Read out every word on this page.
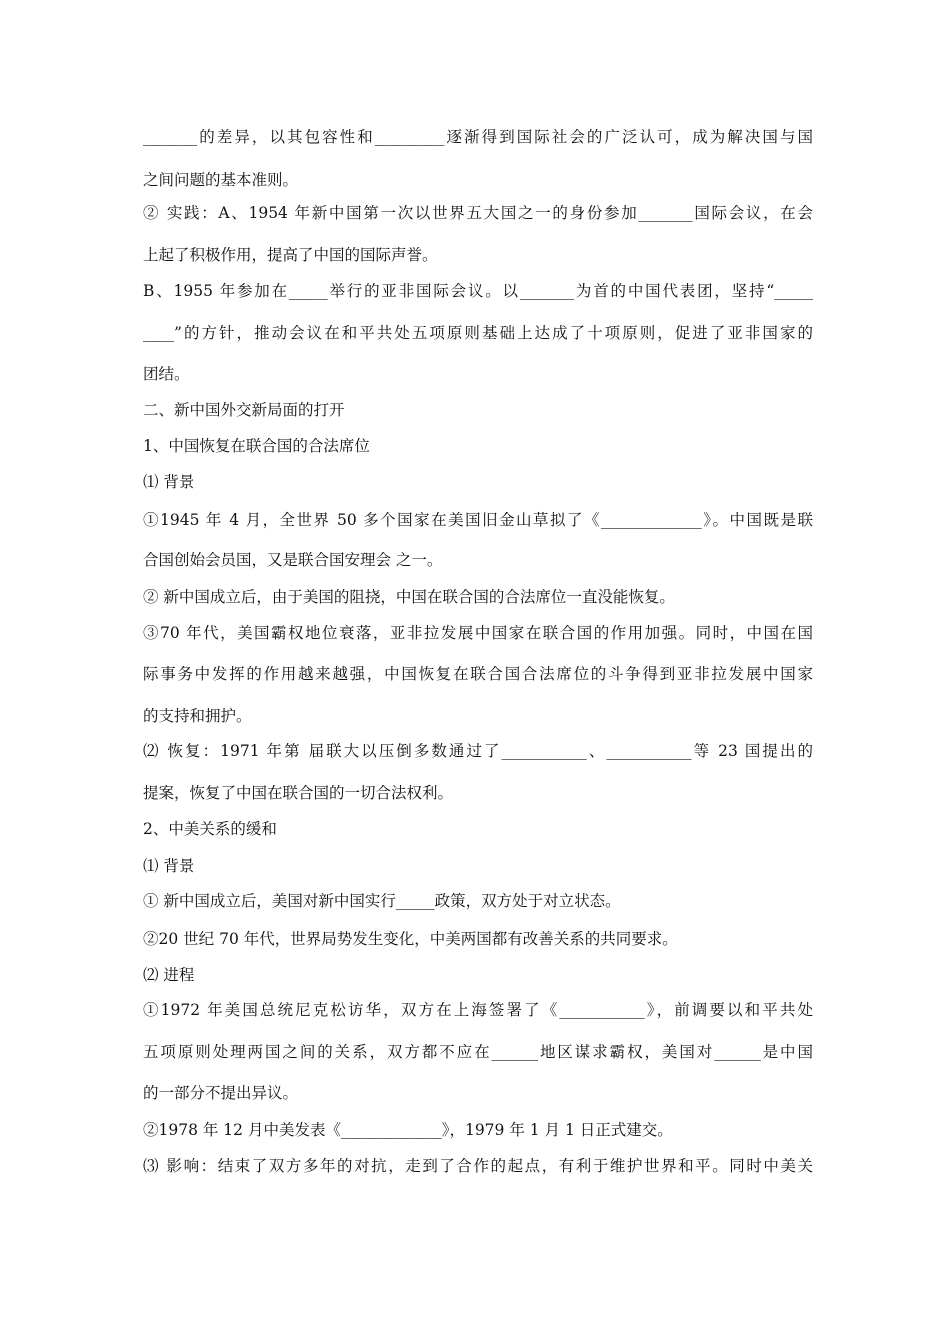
_______的差异，以其包容性和_________逐渐得到国际社会的广泛认可，成为解决国与国
之间问题的基本准则。
② 实践：A、1954 年新中国第一次以世界五大国之一的身份参加_______国际会议，在会
上起了积极作用，提高了中国的国际声誉。
B、1955 年参加在_____举行的亚非国际会议。以_______为首的中国代表团，坚持“_____
____”的方针，推动会议在和平共处五项原则基础上达成了十项原则，促进了亚非国家的
团结。
二、新中国外交新局面的打开
1、中国恢复在联合国的合法席位
⑴ 背景
①1945 年 4 月，全世界 50 多个国家在美国旧金山草拟了《_____________》。中国既是联
合国创始会员国，又是联合国安理会 之一。
② 新中国成立后，由于美国的阻挠，中国在联合国的合法席位一直没能恢复。
③70 年代，美国霸权地位衰落，亚非拉发展中国家在联合国的作用加强。同时，中国在国
际事务中发挥的作用越来越强，中国恢复在联合国合法席位的斗争得到亚非拉发展中国家
的支持和拥护。
⑵ 恢复：1971 年第 届联大以压倒多数通过了___________、___________等 23 国提出的
提案，恢复了中国在联合国的一切合法权利。
2、中美关系的缓和
⑴ 背景
① 新中国成立后，美国对新中国实行_____政策，双方处于对立状态。
②20 世纪 70 年代，世界局势发生变化，中美两国都有改善关系的共同要求。
⑵ 进程
①1972 年美国总统尼克松访华，双方在上海签署了《___________》，前调要以和平共处
五项原则处理两国之间的关系，双方都不应在______地区谋求霸权，美国对______是中国
的一部分不提出异议。
②1978 年 12 月中美发表《_____________》，1979 年 1 月 1 日正式建交。
⑶ 影响：结束了双方多年的对抗，走到了合作的起点，有利于维护世界和平。同时中美关
